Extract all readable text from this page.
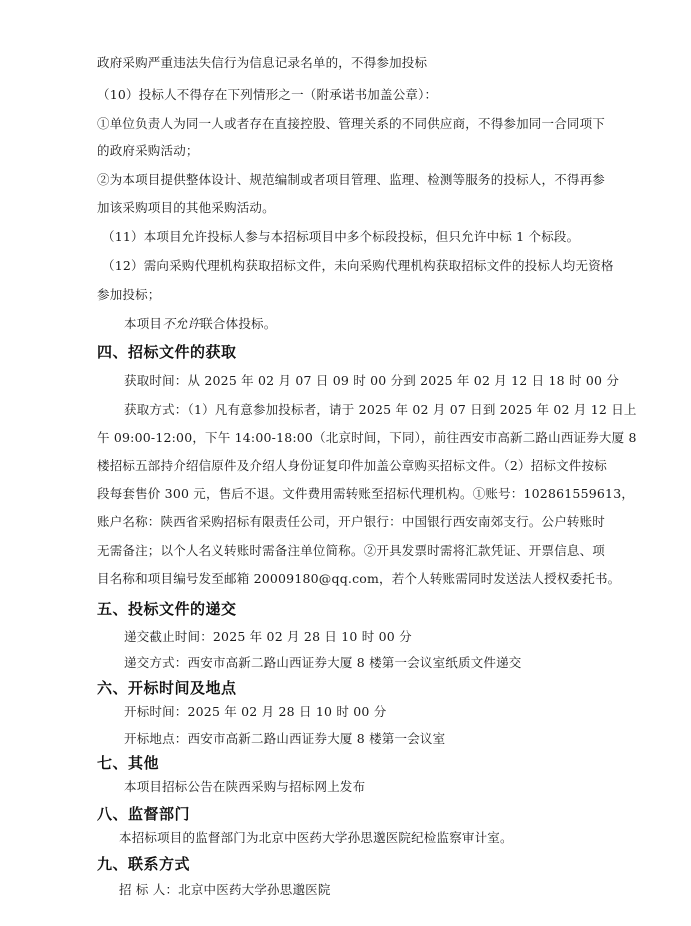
政府采购严重违法失信行为信息记录名单的，不得参加投标
（10）投标人不得存在下列情形之一（附承诺书加盖公章）：
①单位负责人为同一人或者存在直接控股、管理关系的不同供应商，不得参加同一合同项下
的政府采购活动；
②为本项目提供整体设计、规范编制或者项目管理、监理、检测等服务的投标人，不得再参
加该采购项目的其他采购活动。
（11）本项目允许投标人参与本招标项目中多个标段投标，但只允许中标 1 个标段。
（12）需向采购代理机构获取招标文件，未向采购代理机构获取招标文件的投标人均无资格
参加投标；
本项目不允许联合体投标。
四、招标文件的获取
获取时间：从 2025 年 02 月 07 日 09 时 00 分到 2025 年 02 月 12 日 18 时 00 分
获取方式：（1）凡有意参加投标者，请于 2025 年 02 月 07 日到 2025 年 02 月 12 日上
午 09:00-12:00，下午 14:00-18:00（北京时间，下同），前往西安市高新二路山西证券大厦 8
楼招标五部持介绍信原件及介绍人身份证复印件加盖公章购买招标文件。（2）招标文件按标
段每套售价 300 元，售后不退。文件费用需转账至招标代理机构。①账号：102861559613，
账户名称：陕西省采购招标有限责任公司，开户银行：中国银行西安南郊支行。公户转账时
无需备注；以个人名义转账时需备注单位简称。②开具发票时需将汇款凭证、开票信息、项
目名称和项目编号发至邮箱 20009180@qq.com，若个人转账需同时发送法人授权委托书。
五、投标文件的递交
递交截止时间：2025 年 02 月 28 日 10 时 00 分
递交方式：西安市高新二路山西证券大厦 8 楼第一会议室纸质文件递交
六、开标时间及地点
开标时间：2025 年 02 月 28 日 10 时 00 分
开标地点：西安市高新二路山西证券大厦 8 楼第一会议室
七、其他
本项目招标公告在陕西采购与招标网上发布
八、监督部门
本招标项目的监督部门为北京中医药大学孙思邈医院纪检监察审计室。
九、联系方式
招 标 人：北京中医药大学孙思邈医院
